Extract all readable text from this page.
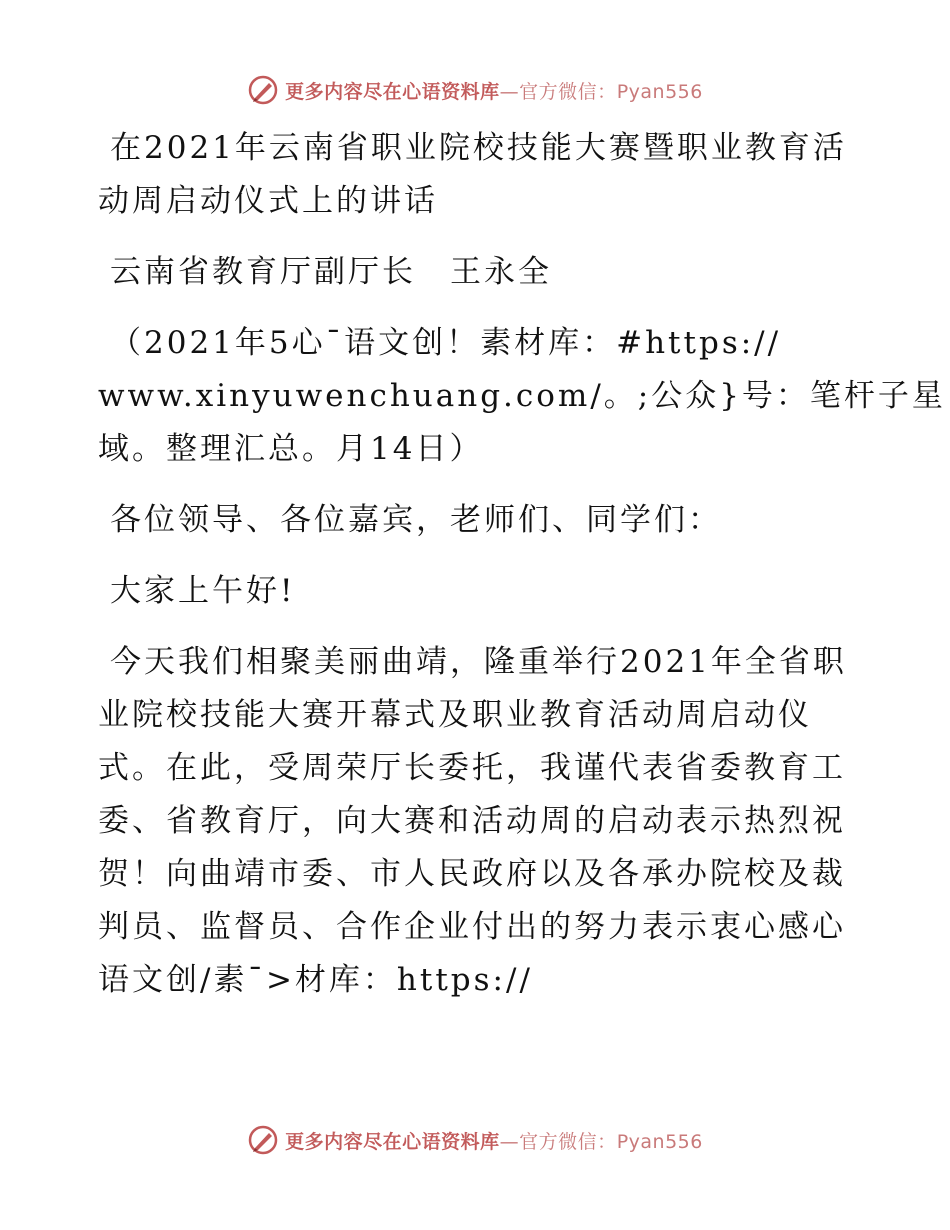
更多内容尽在心语资料库—官方微信：Pyan556

在2021年云南省职业院校技能大赛暨职业教育活

动周启动仪式上的讲话

云南省教育厅副厅长　王永全

（2021年5心¯语文创！素材库：#https://

www.xinyuwenchuang.com/。;公众}号：笔杆子星

域。整理汇总。月14日）

各位领导、各位嘉宾，老师们、同学们：

大家上午好!

今天我们相聚美丽曲靖，隆重举行2021年全省职

业院校技能大赛开幕式及职业教育活动周启动仪

式。在此，受周荣厅长委托，我谨代表省委教育工

委、省教育厅，向大赛和活动周的启动表示热烈祝

贺！向曲靖市委、市人民政府以及各承办院校及裁

判员、监督员、合作企业付出的努力表示衷心感心

语文创/素¯>材库：https://

更多内容尽在心语资料库—官方微信：Pyan556
